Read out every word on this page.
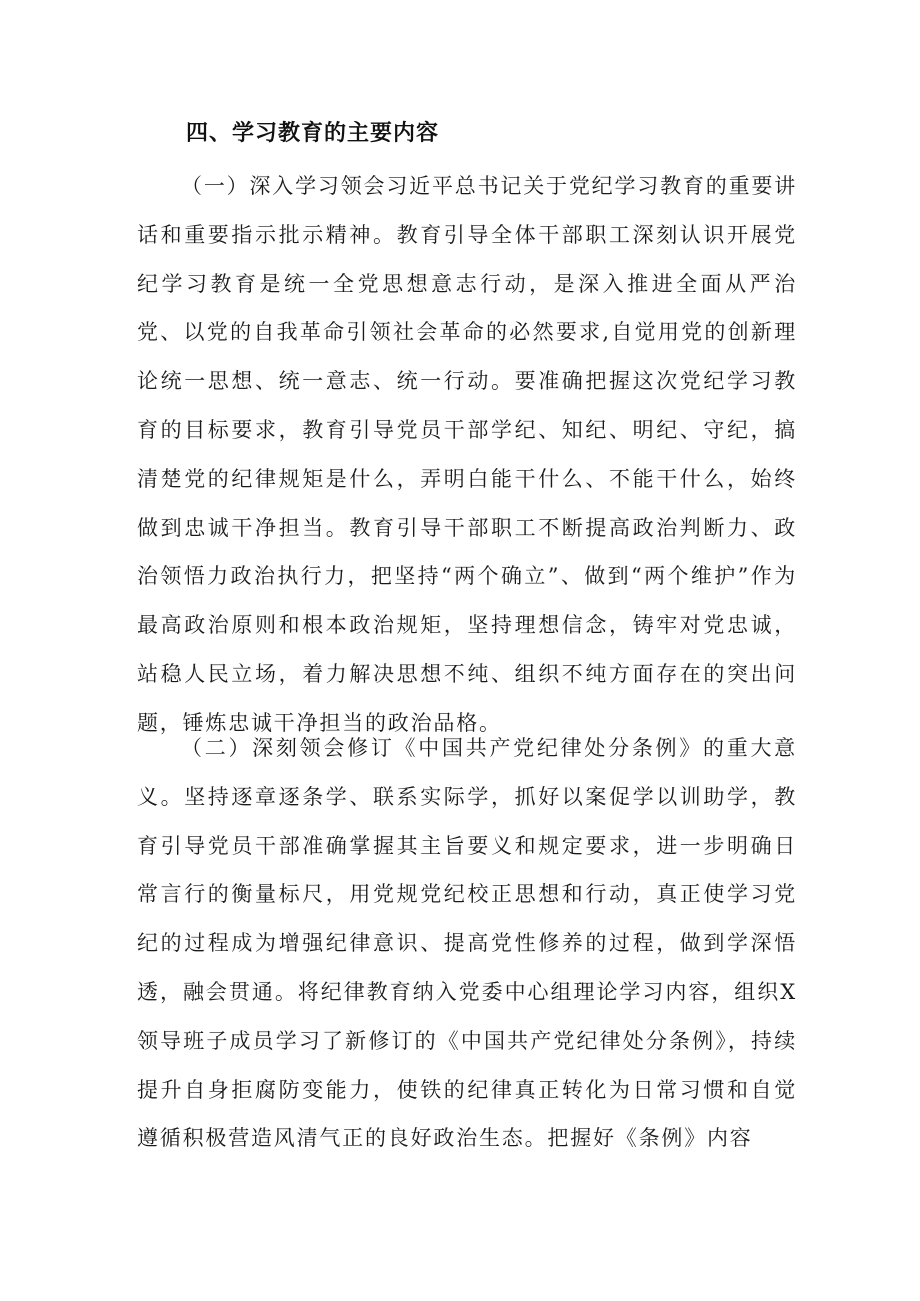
四、学习教育的主要内容

（一）深入学习领会习近平总书记关于党纪学习教育的重要讲话和重要指示批示精神。教育引导全体干部职工深刻认识开展党纪学习教育是统一全党思想意志行动，是深入推进全面从严治党、以党的自我革命引领社会革命的必然要求,自觉用党的创新理论统一思想、统一意志、统一行动。要准确把握这次党纪学习教育的目标要求，教育引导党员干部学纪、知纪、明纪、守纪，搞清楚党的纪律规矩是什么，弄明白能干什么、不能干什么，始终做到忠诚干净担当。教育引导干部职工不断提高政治判断力、政治领悟力政治执行力，把坚持“两个确立”、做到“两个维护”作为最高政治原则和根本政治规矩，坚持理想信念，铸牢对党忠诚，站稳人民立场，着力解决思想不纯、组织不纯方面存在的突出问题，锤炼忠诚干净担当的政治品格。

（二）深刻领会修订《中国共产党纪律处分条例》的重大意义。坚持逐章逐条学、联系实际学，抓好以案促学以训助学，教育引导党员干部准确掌握其主旨要义和规定要求，进一步明确日常言行的衡量标尺，用党规党纪校正思想和行动，真正使学习党纪的过程成为增强纪律意识、提高党性修养的过程，做到学深悟透，融会贯通。将纪律教育纳入党委中心组理论学习内容，组织X领导班子成员学习了新修订的《中国共产党纪律处分条例》，持续提升自身拒腐防变能力，使铁的纪律真正转化为日常习惯和自觉遵循积极营造风清气正的良好政治生态。把握好《条例》内容
